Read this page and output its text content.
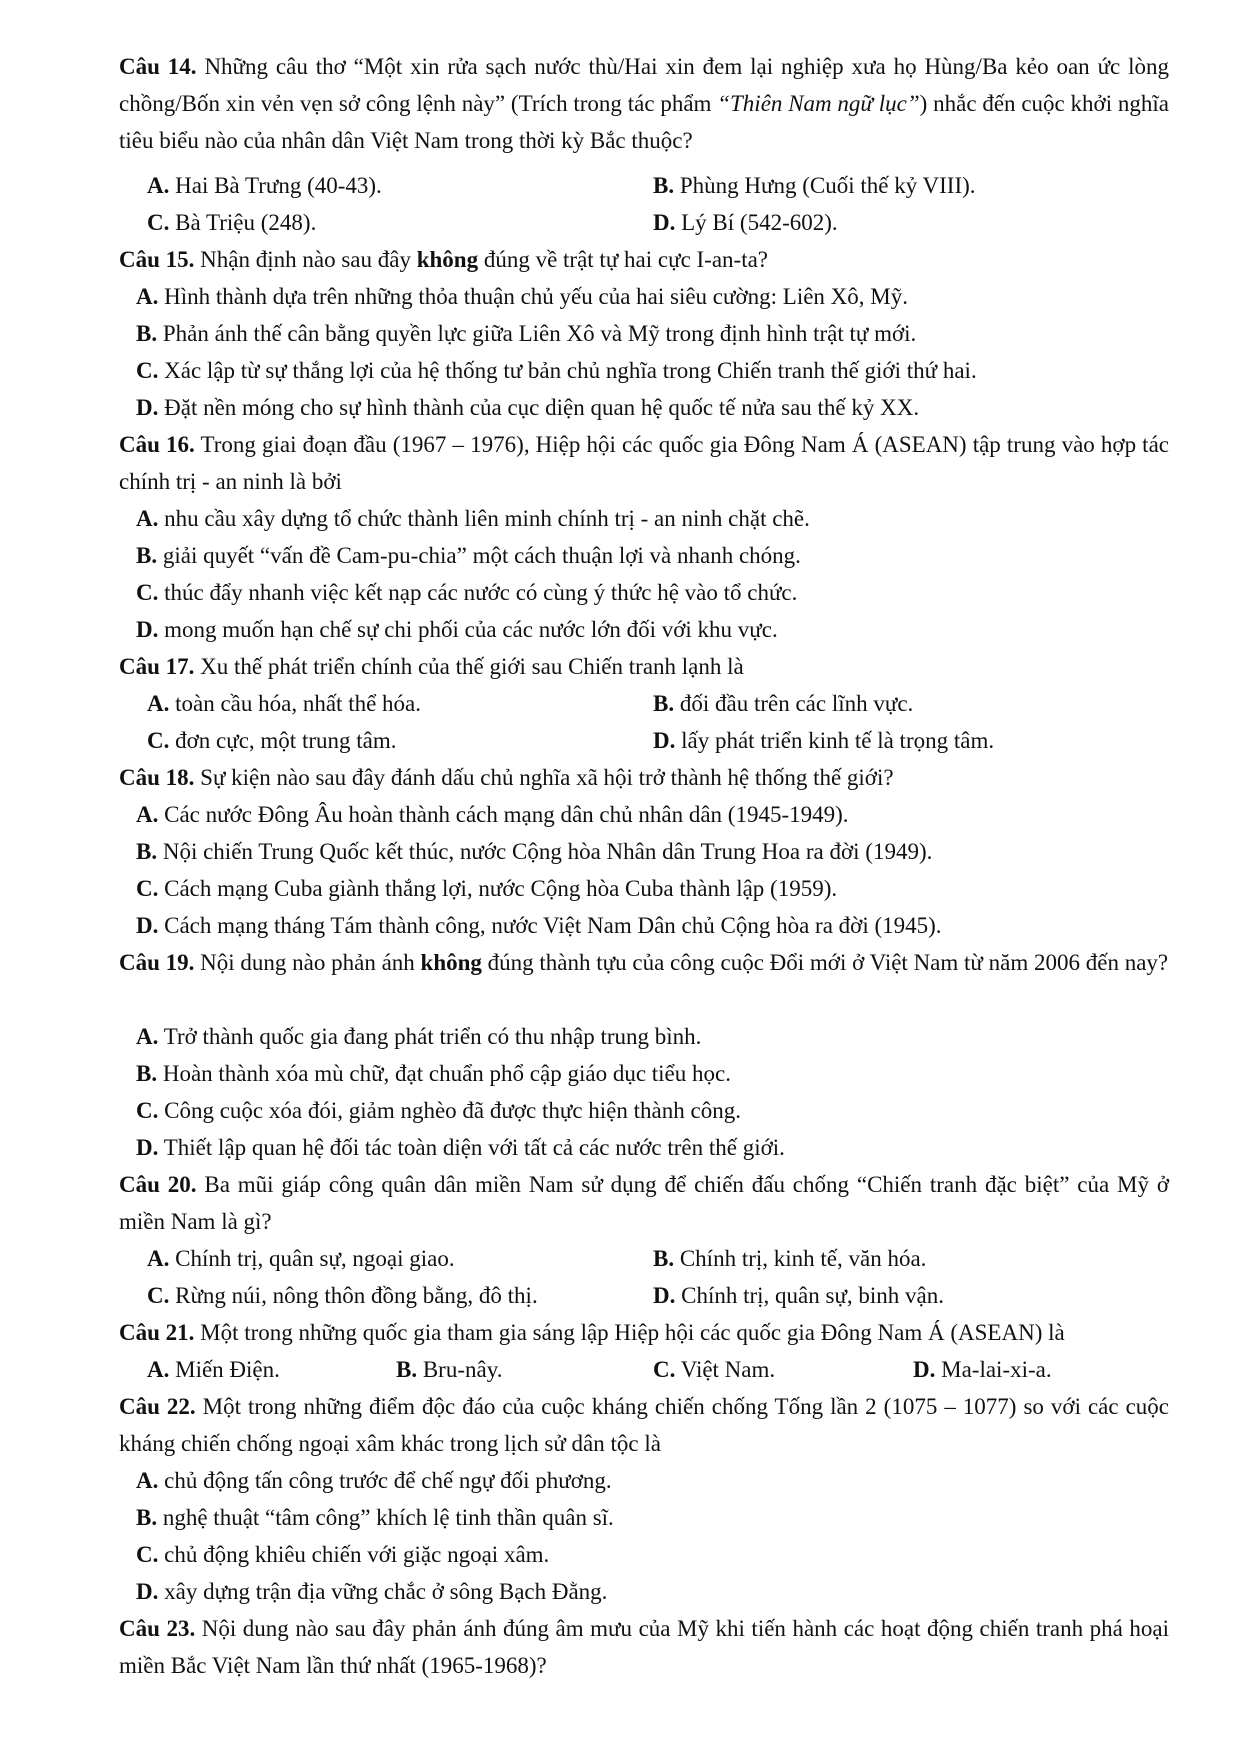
Câu 14. Những câu thơ “Một xin rửa sạch nước thù/Hai xin đem lại nghiệp xưa họ Hùng/Ba kẻo oan ức lòng chồng/Bốn xin vẻn vẹn sở công lệnh này” (Trích trong tác phẩm “Thiên Nam ngữ lục”) nhắc đến cuộc khởi nghĩa tiêu biểu nào của nhân dân Việt Nam trong thời kỳ Bắc thuộc?
A. Hai Bà Trưng (40-43).	B. Phùng Hưng (Cuối thế kỷ VIII).
C. Bà Triệu (248).	D. Lý Bí (542-602).
Câu 15. Nhận định nào sau đây không đúng về trật tự hai cực I-an-ta?
A. Hình thành dựa trên những thỏa thuận chủ yếu của hai siêu cường: Liên Xô, Mỹ.
B. Phản ánh thế cân bằng quyền lực giữa Liên Xô và Mỹ trong định hình trật tự mới.
C. Xác lập từ sự thắng lợi của hệ thống tư bản chủ nghĩa trong Chiến tranh thế giới thứ hai.
D. Đặt nền móng cho sự hình thành của cục diện quan hệ quốc tế nửa sau thế kỷ XX.
Câu 16. Trong giai đoạn đầu (1967 – 1976), Hiệp hội các quốc gia Đông Nam Á (ASEAN) tập trung vào hợp tác chính trị - an ninh là bởi
A. nhu cầu xây dựng tổ chức thành liên minh chính trị - an ninh chặt chẽ.
B. giải quyết “vấn đề Cam-pu-chia” một cách thuận lợi và nhanh chóng.
C. thúc đẩy nhanh việc kết nạp các nước có cùng ý thức hệ vào tổ chức.
D. mong muốn hạn chế sự chi phối của các nước lớn đối với khu vực.
Câu 17. Xu thế phát triển chính của thế giới sau Chiến tranh lạnh là
A. toàn cầu hóa, nhất thể hóa.	B. đối đầu trên các lĩnh vực.
C. đơn cực, một trung tâm.	D. lấy phát triển kinh tế là trọng tâm.
Câu 18. Sự kiện nào sau đây đánh dấu chủ nghĩa xã hội trở thành hệ thống thế giới?
A. Các nước Đông Âu hoàn thành cách mạng dân chủ nhân dân (1945-1949).
B. Nội chiến Trung Quốc kết thúc, nước Cộng hòa Nhân dân Trung Hoa ra đời (1949).
C. Cách mạng Cuba giành thắng lợi, nước Cộng hòa Cuba thành lập (1959).
D. Cách mạng tháng Tám thành công, nước Việt Nam Dân chủ Cộng hòa ra đời (1945).
Câu 19. Nội dung nào phản ánh không đúng thành tựu của công cuộc Đổi mới ở Việt Nam từ năm 2006 đến nay?
A. Trở thành quốc gia đang phát triển có thu nhập trung bình.
B. Hoàn thành xóa mù chữ, đạt chuẩn phổ cập giáo dục tiểu học.
C. Công cuộc xóa đói, giảm nghèo đã được thực hiện thành công.
D. Thiết lập quan hệ đối tác toàn diện với tất cả các nước trên thế giới.
Câu 20. Ba mũi giáp công quân dân miền Nam sử dụng để chiến đấu chống “Chiến tranh đặc biệt” của Mỹ ở miền Nam là gì?
A. Chính trị, quân sự, ngoại giao.	B. Chính trị, kinh tế, văn hóa.
C. Rừng núi, nông thôn đồng bằng, đô thị.	D. Chính trị, quân sự, binh vận.
Câu 21. Một trong những quốc gia tham gia sáng lập Hiệp hội các quốc gia Đông Nam Á (ASEAN) là
A. Miến Điện.	B. Bru-nây.	C. Việt Nam.	D. Ma-lai-xi-a.
Câu 22. Một trong những điểm độc đáo của cuộc kháng chiến chống Tống lần 2 (1075 – 1077) so với các cuộc kháng chiến chống ngoại xâm khác trong lịch sử dân tộc là
A. chủ động tấn công trước để chế ngự đối phương.
B. nghệ thuật “tâm công” khích lệ tinh thần quân sĩ.
C. chủ động khiêu chiến với giặc ngoại xâm.
D. xây dựng trận địa vững chắc ở sông Bạch Đằng.
Câu 23. Nội dung nào sau đây phản ánh đúng âm mưu của Mỹ khi tiến hành các hoạt động chiến tranh phá hoại miền Bắc Việt Nam lần thứ nhất (1965-1968)?
